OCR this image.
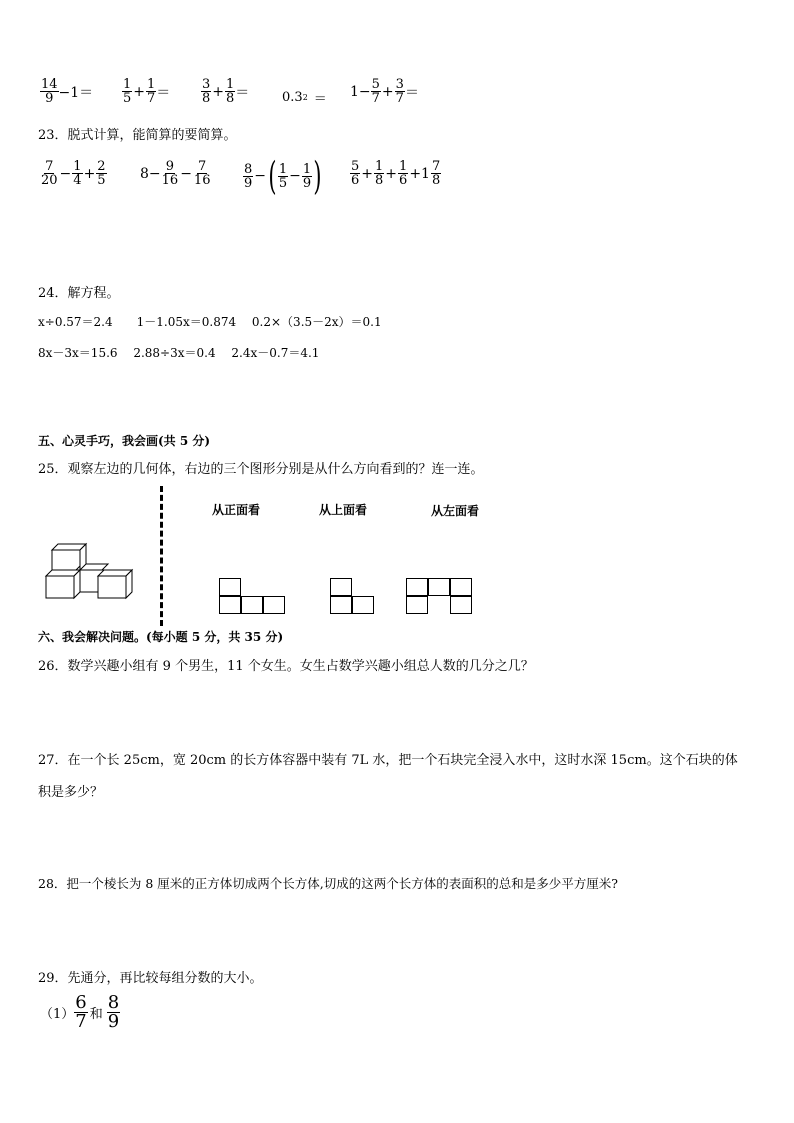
$\frac{14}{9} -1= \frac{1}{5} + \frac{1}{7} = \frac{3}{8} + \frac{1}{8}$ ＝	0.3 $2 = 1- \frac{5}{7} + \frac{3}{7}$ ＝
23．脱式计算，能简算的要简算。
$\frac{7}{20} - \frac{1}{4} + \frac{2}{5} 8- \frac{9}{16} - \frac{7}{16} \frac{8}{9}$ − ( $\frac{1}{5} - \frac{1}{9}$ ) $\frac{5}{6} + \frac{1}{8} + \frac{1}{6} +1 \frac{7}{8}$
24．解方程。
x÷0.57＝2.4　　1－1.05x＝0.874　 0.2×（3.5－2x）＝0.1
8x－3x＝15.6　 2.88÷3x＝0.4　 2.4x－0.7＝4.1
五、心灵手巧，我会画(共 5 分)
25．观察左边的几何体，右边的三个图形分别是从什么方向看到的？连一连。
从正面看	从上面看	从左面看
六、我会解决问题。(每小题 5 分，共 35 分)
26．数学兴趣小组有 9 个男生，11 个女生。女生占数学兴趣小组总人数的几分之几？
27．在一个长 25cm，宽 20cm 的长方体容器中装有 7L 水，把一个石块完全浸入水中，这时水深 15cm。这个石块的体
积是多少？
28．把一个棱长为 8 厘米的正方体切成两个长方体,切成的这两个长方体的表面积的总和是多少平方厘米?
29．先通分，再比较每组分数的大小。
$(1) \frac{6}{7}$ 和 $\frac{8}{9}$
